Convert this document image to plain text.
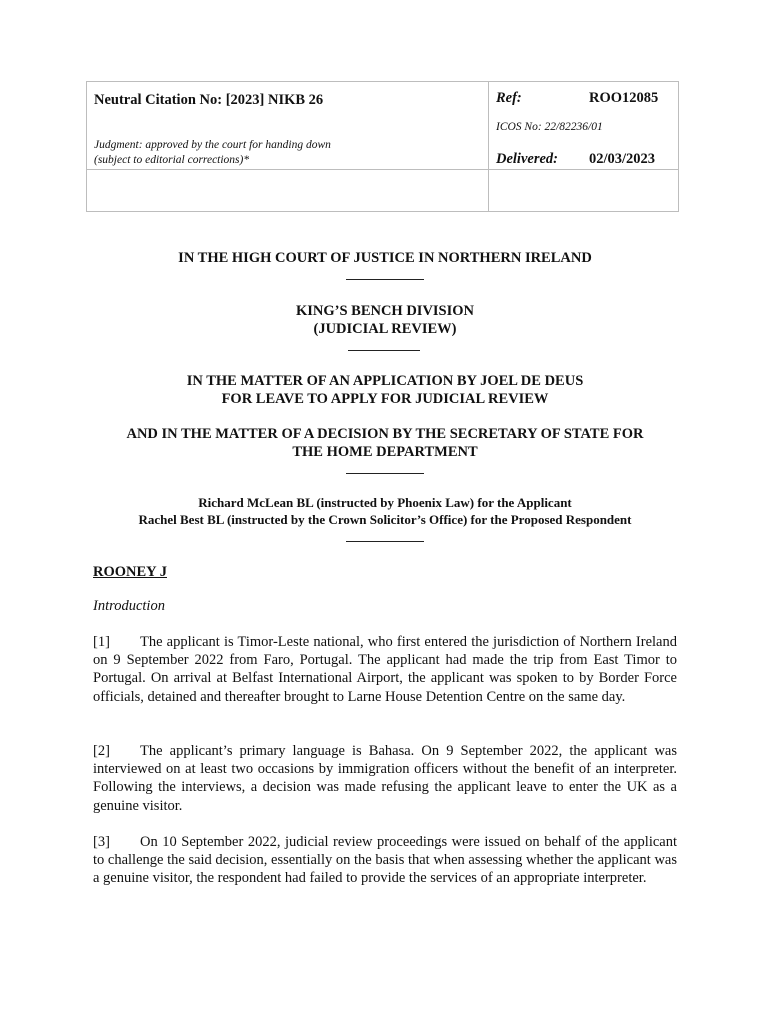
Neutral Citation No: [2023] NIKB 26
Judgment: approved by the court for handing down
(subject to editorial corrections)*
Ref:	ROO12085
ICOS No: 22/82236/01
Delivered: 02/03/2023
IN THE HIGH COURT OF JUSTICE IN NORTHERN IRELAND
KING’S BENCH DIVISION
(JUDICIAL REVIEW)
IN THE MATTER OF AN APPLICATION BY JOEL DE DEUS
FOR LEAVE TO APPLY FOR JUDICIAL REVIEW
AND IN THE MATTER OF A DECISION BY THE SECRETARY OF STATE FOR
THE HOME DEPARTMENT
Richard McLean BL (instructed by Phoenix Law) for the Applicant
Rachel Best BL (instructed by the Crown Solicitor’s Office) for the Proposed Respondent
ROONEY J
Introduction
[1] The applicant is Timor-Leste national, who first entered the jurisdiction of Northern Ireland on 9 September 2022 from Faro, Portugal. The applicant had made the trip from East Timor to Portugal. On arrival at Belfast International Airport, the applicant was spoken to by Border Force officials, detained and thereafter brought to Larne House Detention Centre on the same day.
[2] The applicant’s primary language is Bahasa. On 9 September 2022, the applicant was interviewed on at least two occasions by immigration officers without the benefit of an interpreter. Following the interviews, a decision was made refusing the applicant leave to enter the UK as a genuine visitor.
[3] On 10 September 2022, judicial review proceedings were issued on behalf of the applicant to challenge the said decision, essentially on the basis that when assessing whether the applicant was a genuine visitor, the respondent had failed to provide the services of an appropriate interpreter.
